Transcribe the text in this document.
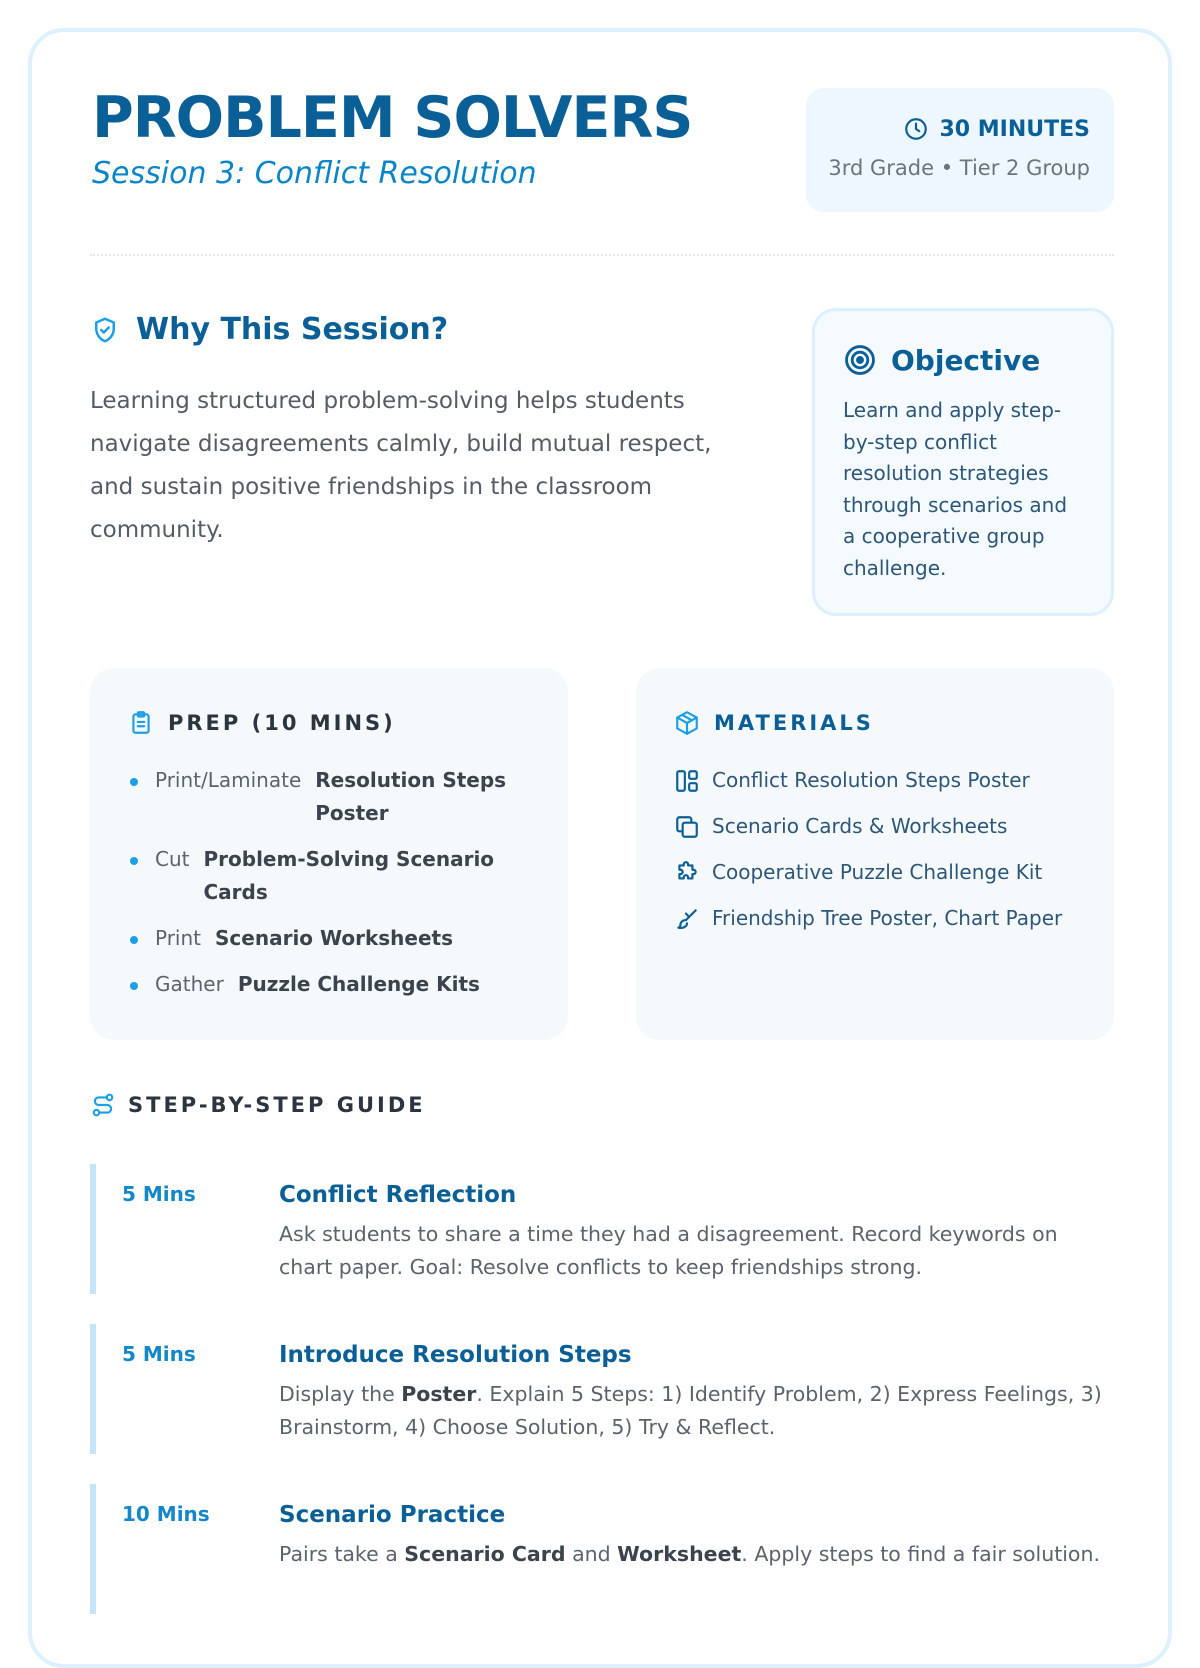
PROBLEM SOLVERS
Session 3: Conflict Resolution
30 MINUTES
3rd Grade • Tier 2 Group
Why This Session?

Learning structured problem-solving helps students navigate disagreements calmly, build mutual respect, and sustain positive friendships in the classroom community.

Objective

Learn and apply step-by-step conflict resolution strategies through scenarios and a cooperative group challenge.

PREP (10 MINS)
Print/Laminate Resolution Steps Poster
Cut Problem-Solving Scenario Cards
Print Scenario Worksheets
Gather Puzzle Challenge Kits
MATERIALS
Conflict Resolution Steps Poster
Scenario Cards & Worksheets
Cooperative Puzzle Challenge Kit
Friendship Tree Poster, Chart Paper
STEP-BY-STEP GUIDE
5 Mins	Conflict Reflection

Ask students to share a time they had a disagreement. Record keywords on chart paper. Goal: Resolve conflicts to keep friendships strong.

5 Mins	Introduce Resolution Steps

Display the Poster. Explain 5 Steps: 1) Identify Problem, 2) Express Feelings, 3) Brainstorm, 4) Choose Solution, 5) Try & Reflect.

10 Mins	Scenario Practice

Pairs take a Scenario Card and Worksheet. Apply steps to find a fair solution.
